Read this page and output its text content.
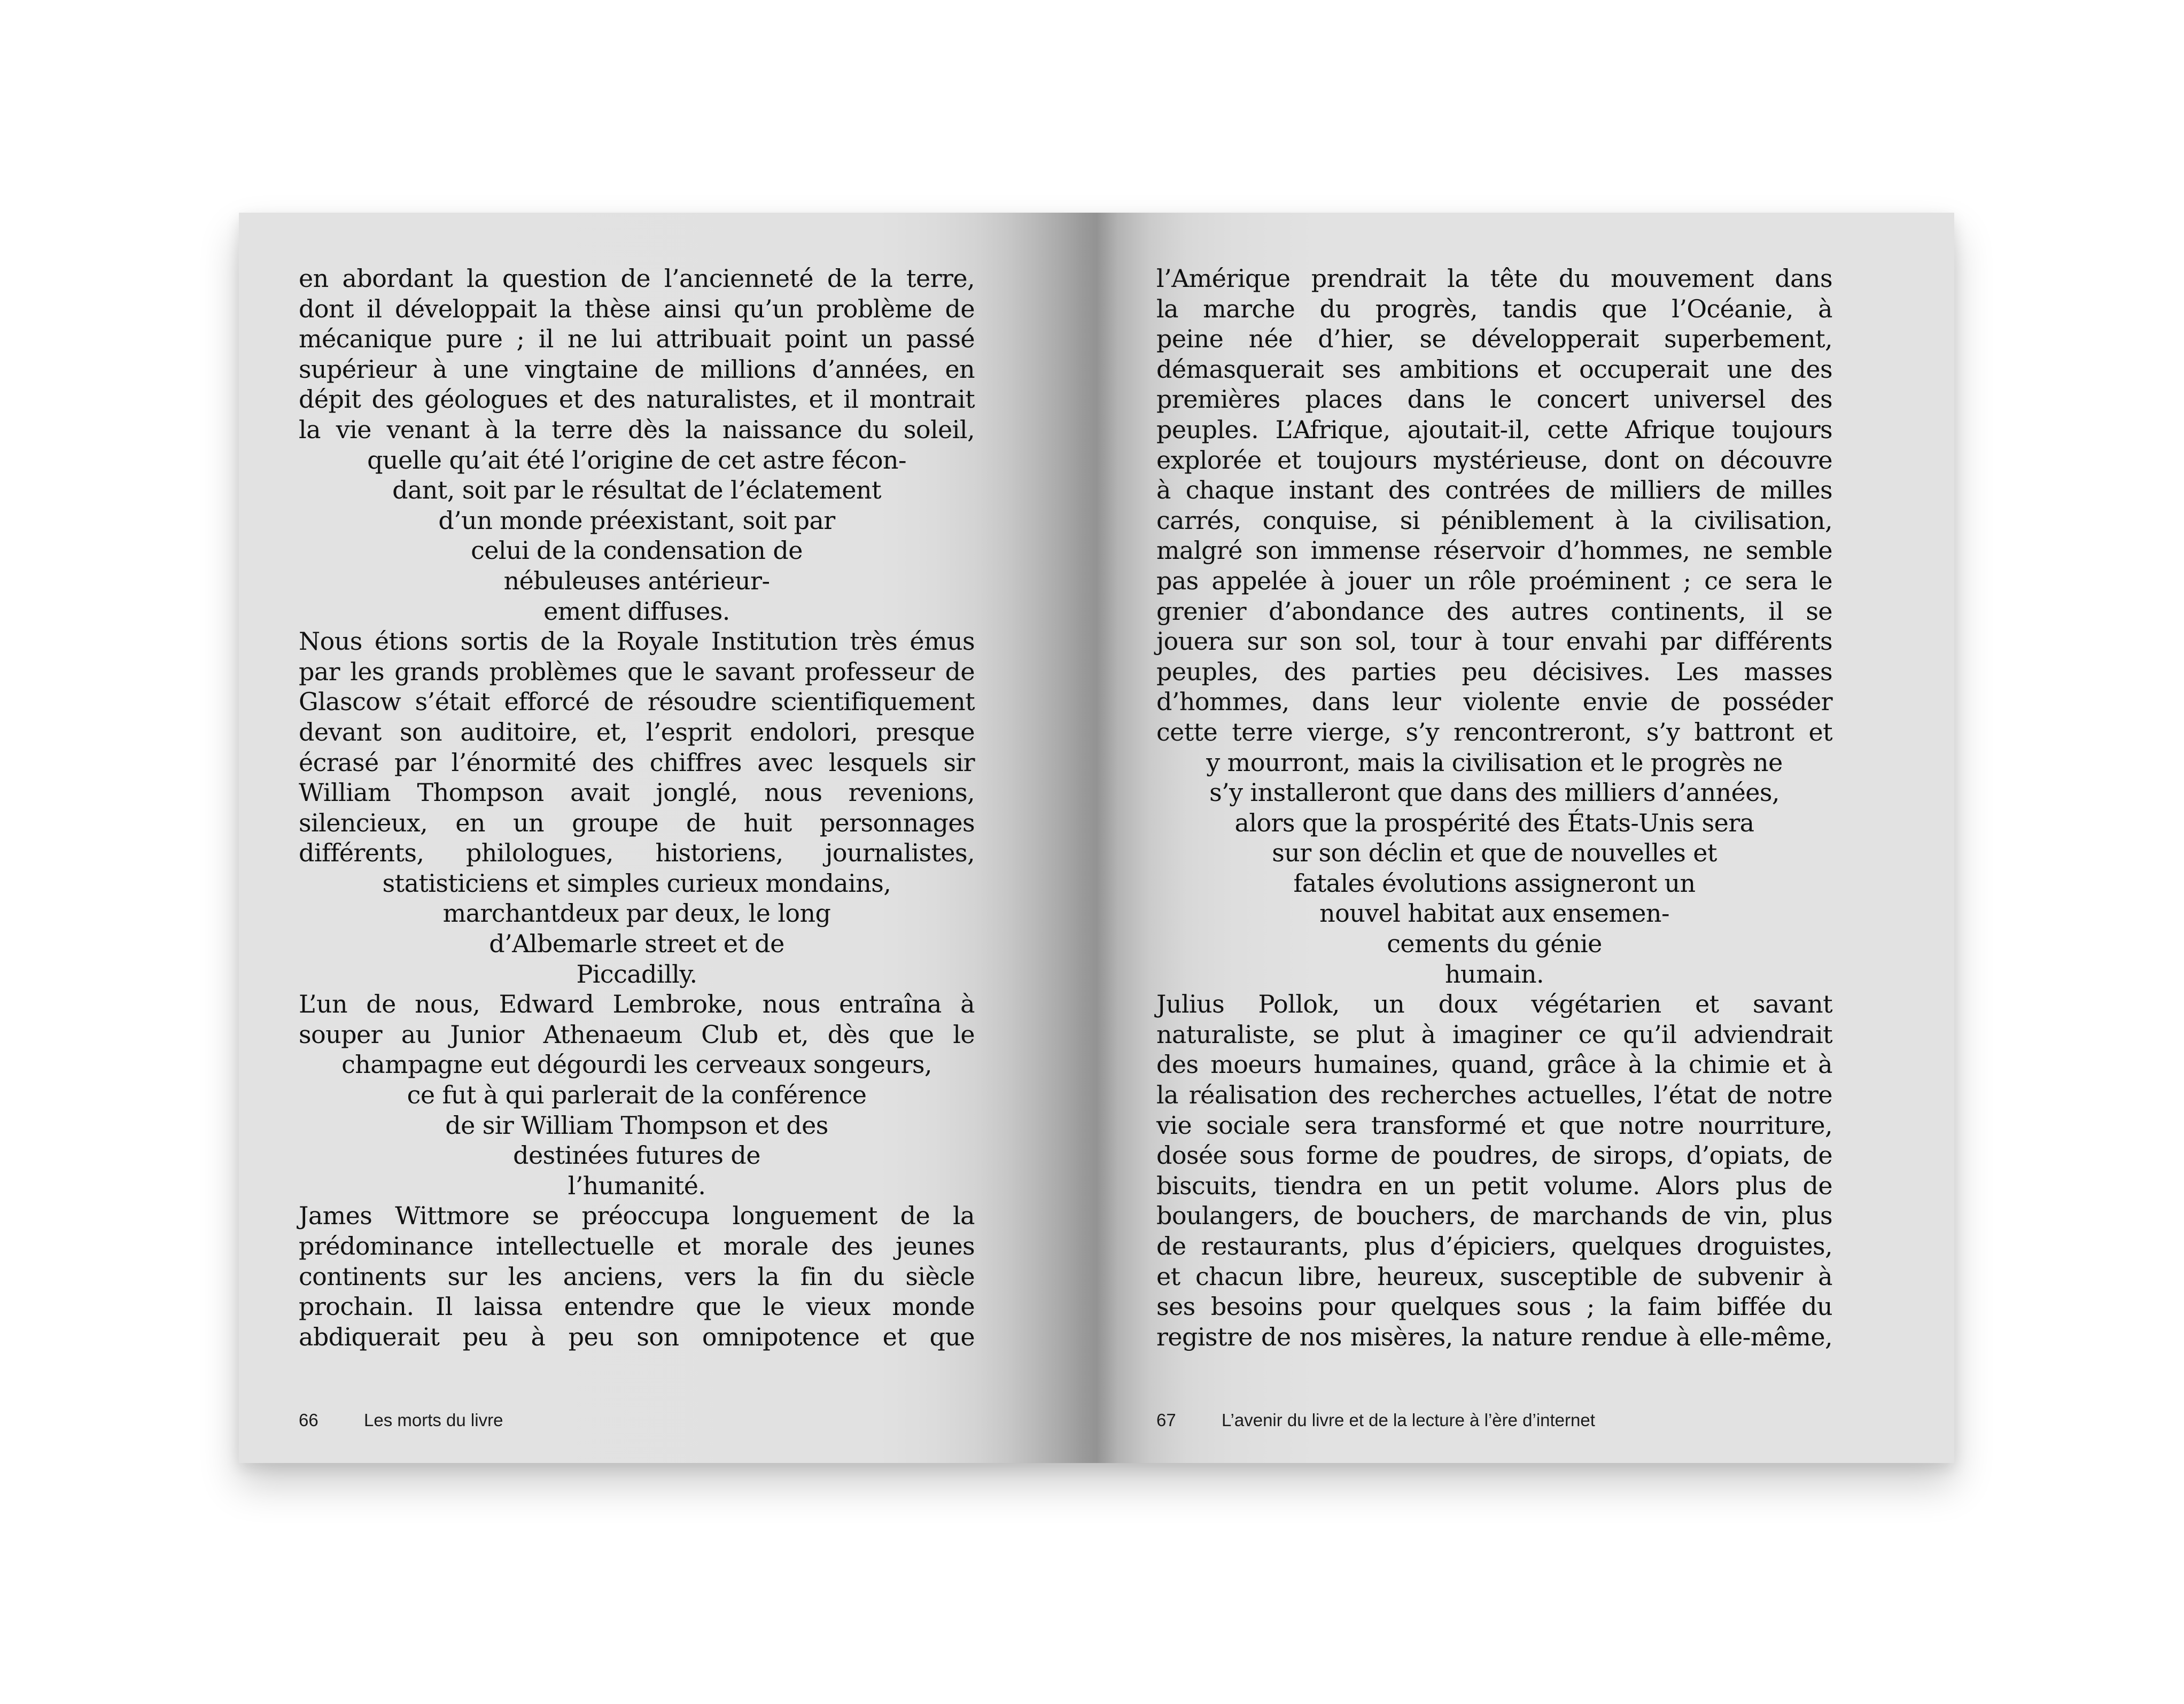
en abordant la question de l’ancienneté de la terre,
dont il développait la thèse ainsi qu’un problème de
mécanique pure ; il ne lui attribuait point un passé
supérieur à une vingtaine de millions d’années, en
dépit des géologues et des naturalistes, et il montrait
la vie venant à la terre dès la naissance du soleil,
quelle qu’ait été l’origine de cet astre fécon-
dant, soit par le résultat de l’éclatement
d’un monde préexistant, soit par
celui de la condensation de
nébuleuses antérieur-
ement diffuses.
Nous étions sortis de la Royale Institution très émus
par les grands problèmes que le savant professeur de
Glascow s’était efforcé de résoudre scientifiquement
devant son auditoire, et, l’esprit endolori, presque
écrasé par l’énormité des chiffres avec lesquels sir
William Thompson avait jonglé, nous revenions,
silencieux, en un groupe de huit personnages
différents, philologues, historiens, journalistes,
statisticiens et simples curieux mondains,
marchantdeux par deux, le long
d’Albemarle street et de
Piccadilly.
L’un de nous, Edward Lembroke, nous entraîna à
souper au Junior Athenaeum Club et, dès que le
champagne eut dégourdi les cerveaux songeurs,
ce fut à qui parlerait de la conférence
de sir William Thompson et des
destinées futures de
l’humanité.
James Wittmore se préoccupa longuement de la
prédominance intellectuelle et morale des jeunes
continents sur les anciens, vers la fin du siècle
prochain. Il laissa entendre que le vieux monde
abdiquerait peu à peu son omnipotence et que
66	Les morts du livre
l’Amérique prendrait la tête du mouvement dans
la marche du progrès, tandis que l’Océanie, à
peine née d’hier, se développerait superbement,
démasquerait ses ambitions et occuperait une des
premières places dans le concert universel des
peuples. L’Afrique, ajoutait-il, cette Afrique toujours
explorée et toujours mystérieuse, dont on découvre
à chaque instant des contrées de milliers de milles
carrés, conquise, si péniblement à la civilisation,
malgré son immense réservoir d’hommes, ne semble
pas appelée à jouer un rôle proéminent ; ce sera le
grenier d’abondance des autres continents, il se
jouera sur son sol, tour à tour envahi par différents
peuples, des parties peu décisives. Les masses
d’hommes, dans leur violente envie de posséder
cette terre vierge, s’y rencontreront, s’y battront et
y mourront, mais la civilisation et le progrès ne
s’y installeront que dans des milliers d’années,
alors que la prospérité des États-Unis sera
sur son déclin et que de nouvelles et
fatales évolutions assigneront un
nouvel habitat aux ensemen-
cements du génie
humain.
Julius Pollok, un doux végétarien et savant
naturaliste, se plut à imaginer ce qu’il adviendrait
des moeurs humaines, quand, grâce à la chimie et à
la réalisation des recherches actuelles, l’état de notre
vie sociale sera transformé et que notre nourriture,
dosée sous forme de poudres, de sirops, d’opiats, de
biscuits, tiendra en un petit volume. Alors plus de
boulangers, de bouchers, de marchands de vin, plus
de restaurants, plus d’épiciers, quelques droguistes,
et chacun libre, heureux, susceptible de subvenir à
ses besoins pour quelques sous ; la faim biffée du
registre de nos misères, la nature rendue à elle-même,
67	L’avenir du livre et de la lecture à l’ère d’internet
